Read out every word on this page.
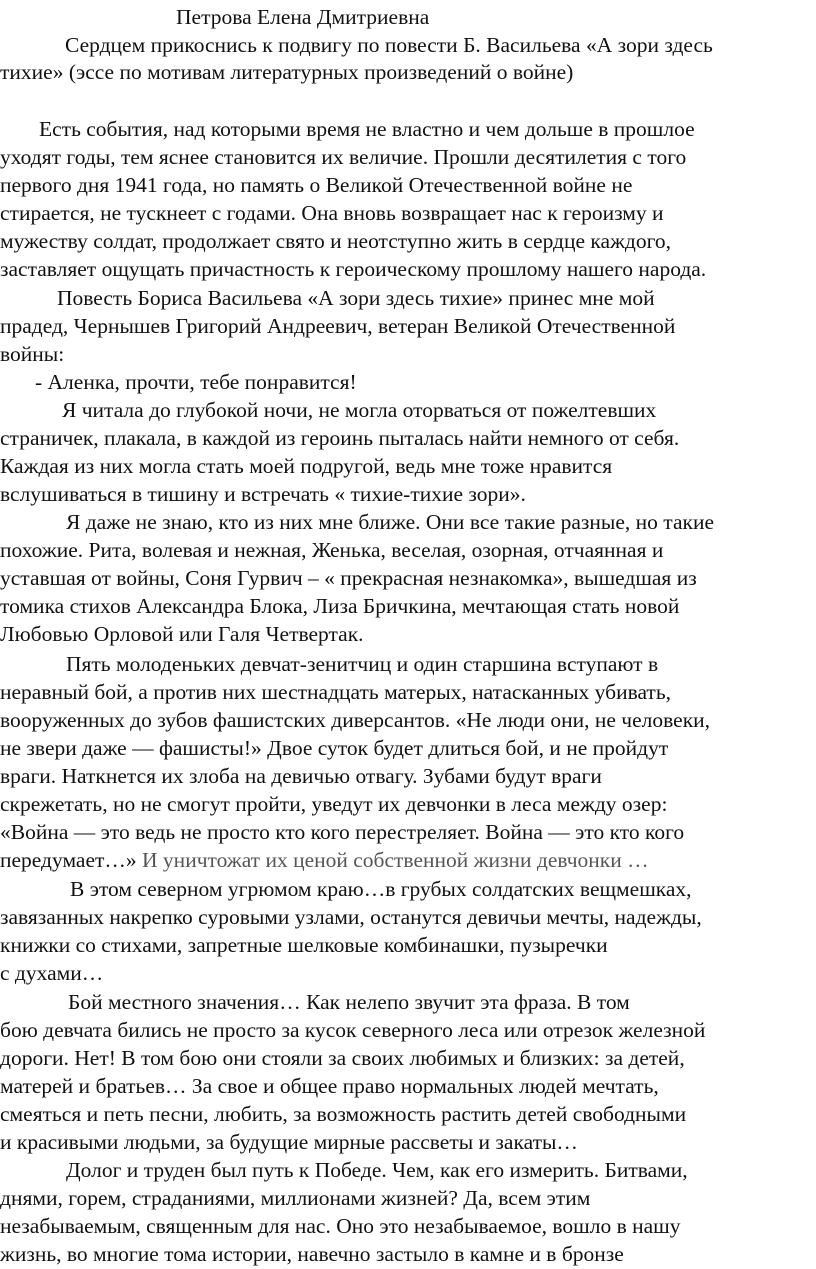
Петрова Елена Дмитриевна
Сердцем прикоснись к подвигу по повести Б. Васильева «А зори здесь
тихие» (эссе по мотивам литературных произведений о войне)
Есть события, над которыми время не властно и чем дольше в прошлое
уходят годы, тем яснее становится их величие. Прошли десятилетия с того
первого дня 1941 года, но память о Великой Отечественной войне не
стирается, не тускнеет с годами. Она вновь возвращает нас к героизму и
мужеству солдат, продолжает свято и неотступно жить в сердце каждого,
заставляет ощущать причастность к героическому прошлому нашего народа.
Повесть Бориса Васильева «А зори здесь тихие» принес мне мой
прадед, Чернышев Григорий Андреевич, ветеран Великой Отечественной
войны:
- Аленка, прочти, тебе понравится!
Я читала до глубокой ночи, не могла оторваться от пожелтевших
страничек, плакала, в каждой из героинь пыталась найти немного от себя.
Каждая из них могла стать моей подругой, ведь мне тоже нравится
вслушиваться в тишину и встречать « тихие-тихие зори».
Я даже не знаю, кто из них мне ближе. Они все такие разные, но такие
похожие. Рита, волевая и нежная, Женька, веселая, озорная, отчаянная и
уставшая от войны, Соня Гурвич – « прекрасная незнакомка», вышедшая из
томика стихов Александра Блока, Лиза Бричкина, мечтающая стать новой
Любовью Орловой или Галя Четвертак.
Пять молоденьких девчат-зенитчиц и один старшина вступают в
неравный бой, а против них шестнадцать матерых, натасканных убивать,
вооруженных до зубов фашистских диверсантов. «Не люди они, не человеки,
не звери даже — фашисты!» Двое суток будет длиться бой, и не пройдут
враги. Наткнется их злоба на девичью отвагу. Зубами будут враги
скрежетать, но не смогут пройти, уведут их девчонки в леса между озер:
«Война — это ведь не просто кто кого перестреляет. Война — это кто кого
передумает…» И уничтожат их ценой собственной жизни девчонки …
В этом северном угрюмом краю…в грубых солдатских вещмешках,
завязанных накрепко суровыми узлами, останутся девичьи мечты, надежды,
книжки со стихами, запретные шелковые комбинашки, пузыречки
с духами…
Бой местного значения… Как нелепо звучит эта фраза. В том
бою девчата бились не просто за кусок северного леса или отрезок железной
дороги. Нет! В том бою они стояли за своих любимых и близких: за детей,
матерей и братьев… За свое и общее право нормальных людей мечтать,
смеяться и петь песни, любить, за возможность растить детей свободными
и красивыми людьми, за будущие мирные рассветы и закаты…
Долог и труден был путь к Победе. Чем, как его измерить. Битвами,
днями, горем, страданиями, миллионами жизней? Да, всем этим
незабываемым, священным для нас. Оно это незабываемое, вошло в нашу
жизнь, во многие тома истории, навечно застыло в камне и в бронзе
